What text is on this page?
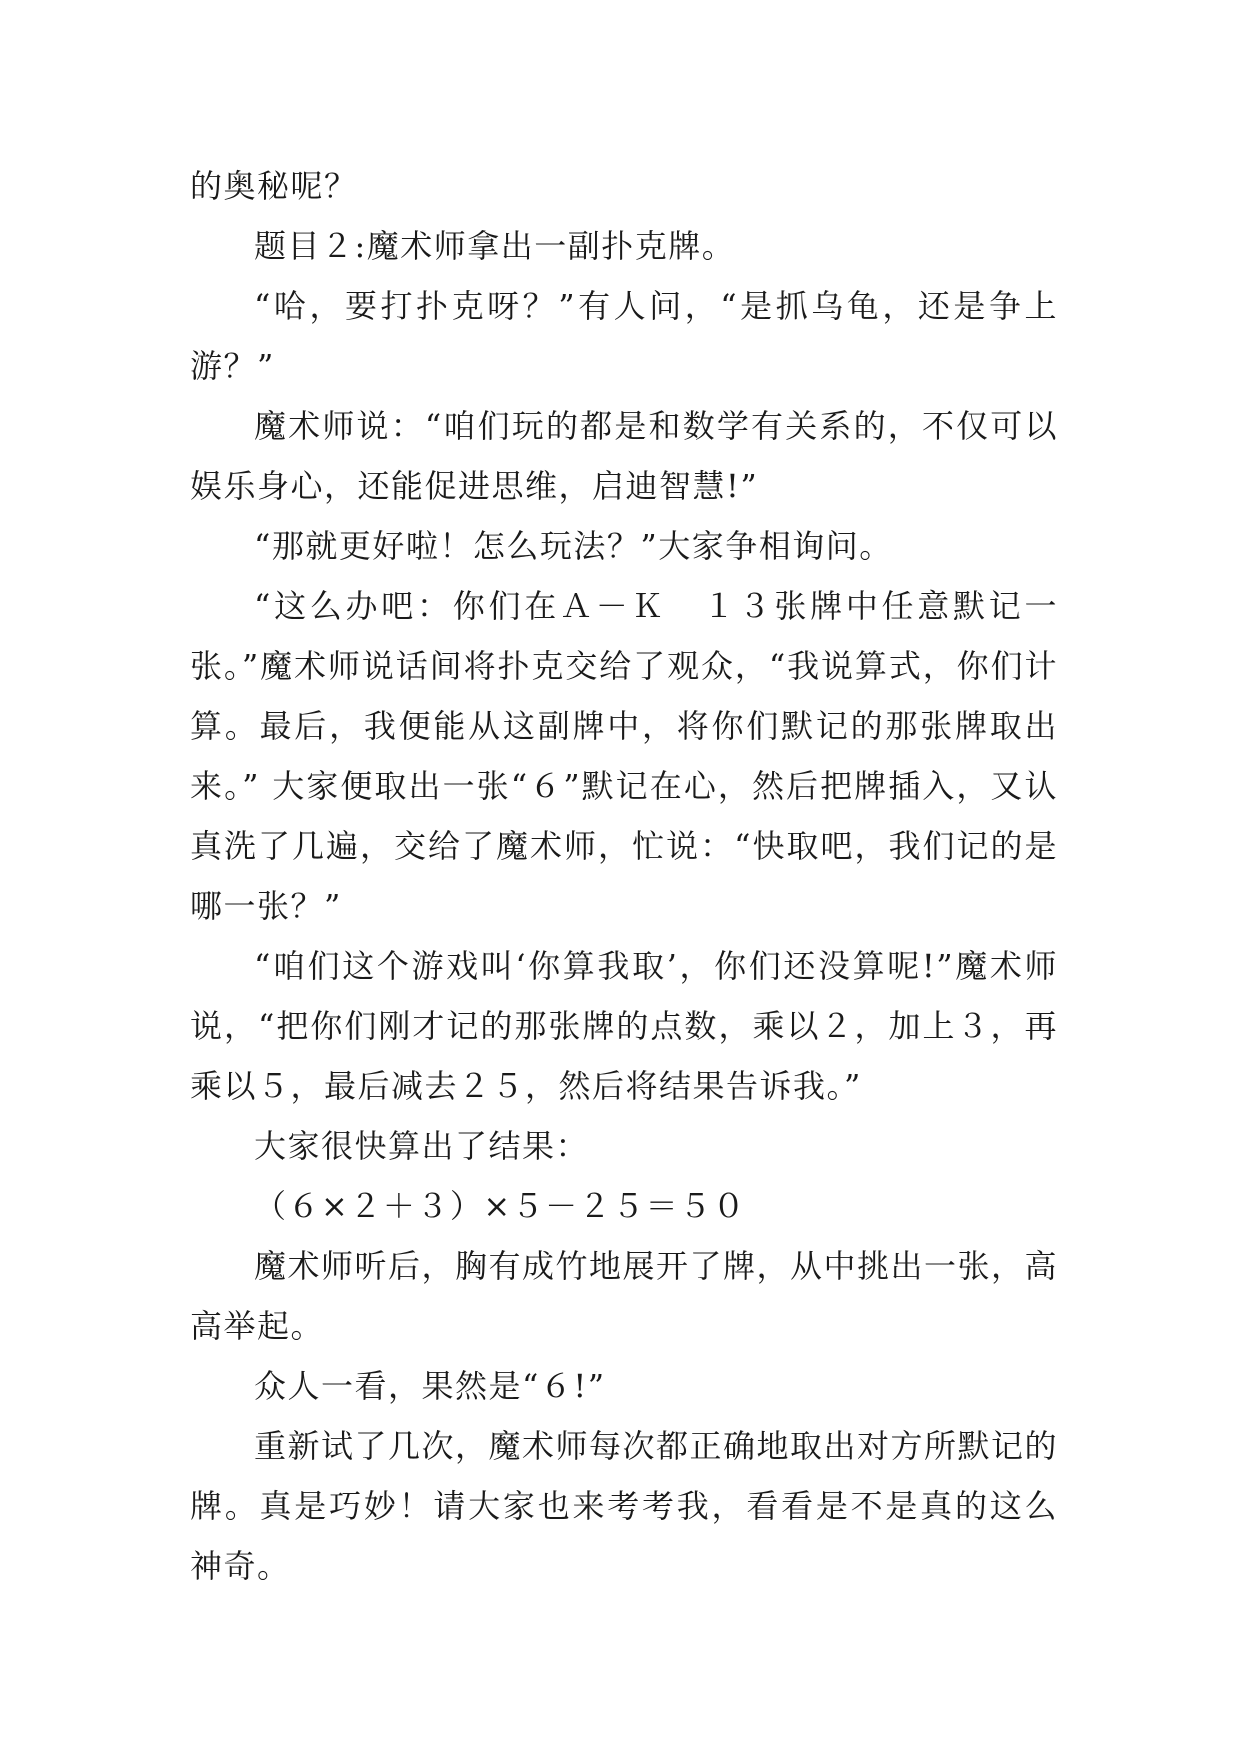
的奥秘呢？

题目２:魔术师拿出一副扑克牌。

“哈，要打扑克呀？”有人问，“是抓乌龟，还是争上游？”

魔术师说：“咱们玩的都是和数学有关系的，不仅可以娱乐身心，还能促进思维，启迪智慧!”

“那就更好啦！怎么玩法？”大家争相询问。

“这么办吧：你们在Ａ－Ｋ　１３张牌中任意默记一张。”魔术师说话间将扑克交给了观众，“我说算式，你们计算。最后，我便能从这副牌中，将你们默记的那张牌取出来。” 大家便取出一张“６”默记在心，然后把牌插入，又认真洗了几遍，交给了魔术师，忙说：“快取吧，我们记的是哪一张？”

“咱们这个游戏叫‘你算我取’，你们还没算呢!”魔术师说，“把你们刚才记的那张牌的点数，乘以２，加上３，再乘以５，最后减去２５，然后将结果告诉我。”

大家很快算出了结果：

（６×２＋３）×５－２５＝５０

魔术师听后，胸有成竹地展开了牌，从中挑出一张，高高举起。

众人一看，果然是“６!”

重新试了几次，魔术师每次都正确地取出对方所默记的牌。真是巧妙！请大家也来考考我，看看是不是真的这么神奇。
